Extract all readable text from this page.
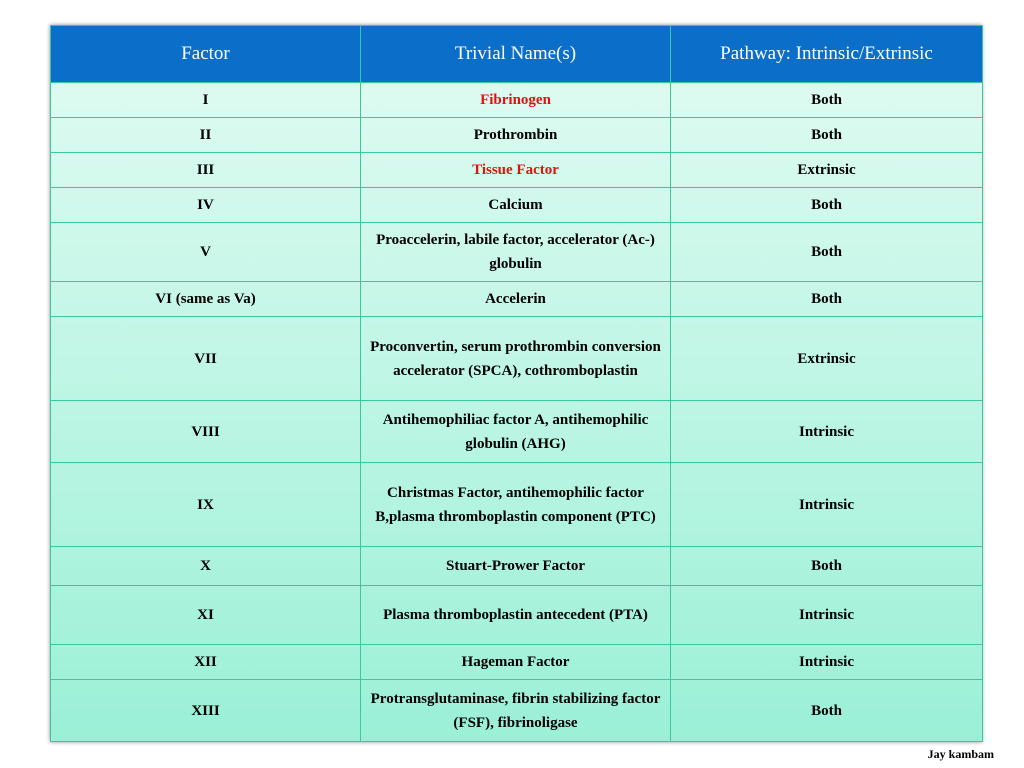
Factor	Trivial Name(s)	Pathway: Intrinsic/Extrinsic
I	Fibrinogen	Both
II	Prothrombin	Both
III	Tissue Factor	Extrinsic
IV	Calcium	Both
V	Proaccelerin, labile factor, accelerator (Ac-) globulin	Both
VI (same as Va)	Accelerin	Both
VII	Proconvertin, serum prothrombin conversion accelerator (SPCA), cothromboplastin	Extrinsic
VIII	Antihemophiliac factor A, antihemophilic globulin (AHG)	Intrinsic
IX	Christmas Factor, antihemophilic factor B,plasma thromboplastin component (PTC)	Intrinsic
X	Stuart-Prower Factor	Both
XI	Plasma thromboplastin antecedent (PTA)	Intrinsic
XII	Hageman Factor	Intrinsic
XIII	Protransglutaminase, fibrin stabilizing factor (FSF), fibrinoligase	Both
Jay kambam
